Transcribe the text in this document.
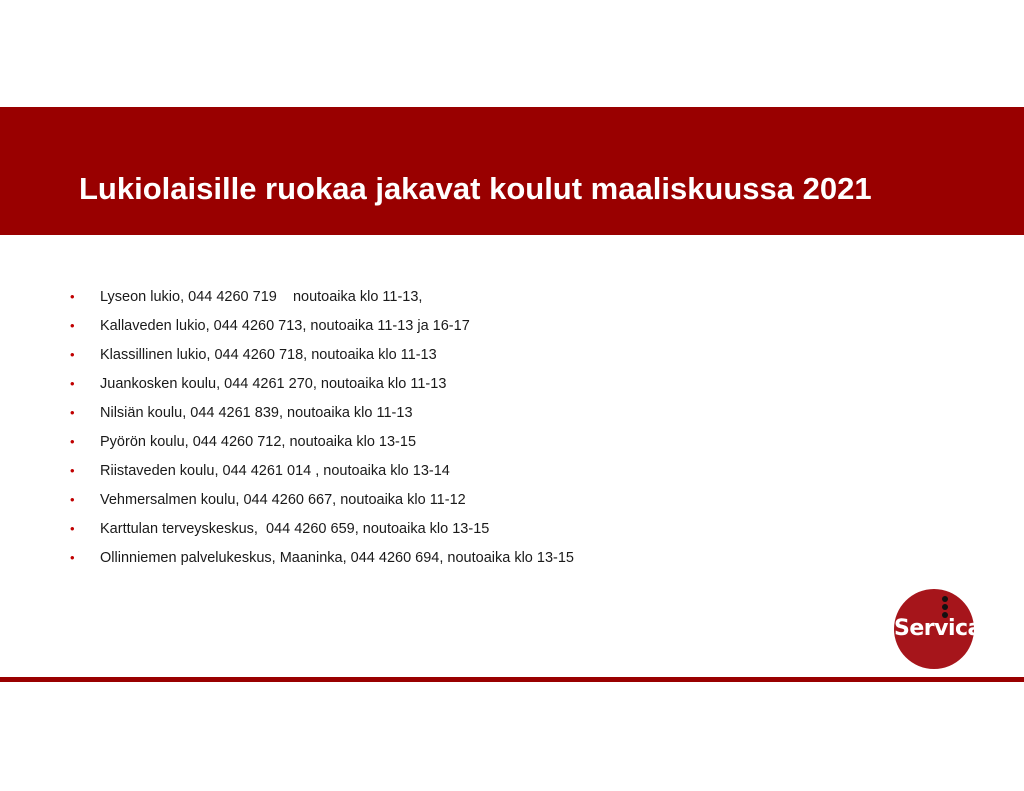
Lukiolaisille ruokaa jakavat koulut maaliskuussa 2021
• Lyseon lukio, 044 4260 719    noutoaika klo 11-13,
• Kallaveden lukio, 044 4260 713, noutoaika 11-13 ja 16-17
• Klassillinen lukio, 044 4260 718, noutoaika klo 11-13
• Juankosken koulu, 044 4261 270, noutoaika klo 11-13
• Nilsiän koulu, 044 4261 839, noutoaika klo 11-13
• Pyörön koulu, 044 4260 712, noutoaika klo 13-15
• Riistaveden koulu, 044 4261 014 , noutoaika klo 13-14
• Vehmersalmen koulu, 044 4260 667, noutoaika klo 11-12
• Karttulan terveyskeskus,  044 4260 659, noutoaika klo 13-15
• Ollinniemen palvelukeskus, Maaninka, 044 4260 694, noutoaika klo 13-15
Servica
